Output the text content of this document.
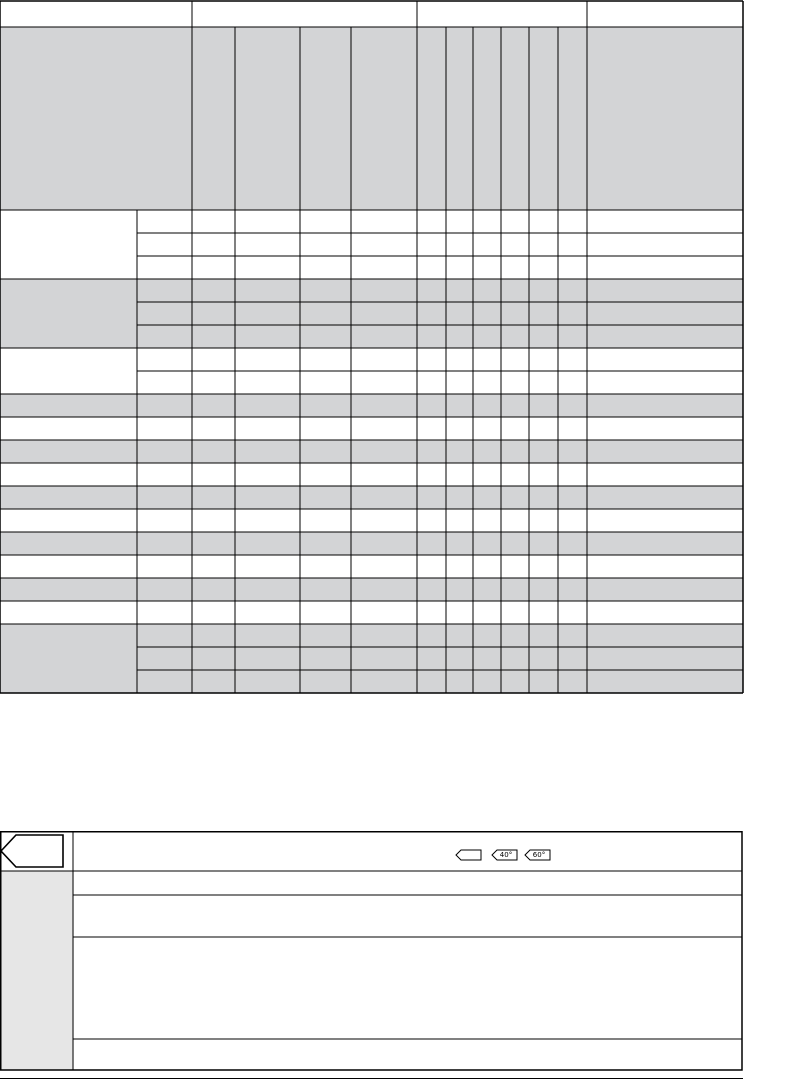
40°	60°
